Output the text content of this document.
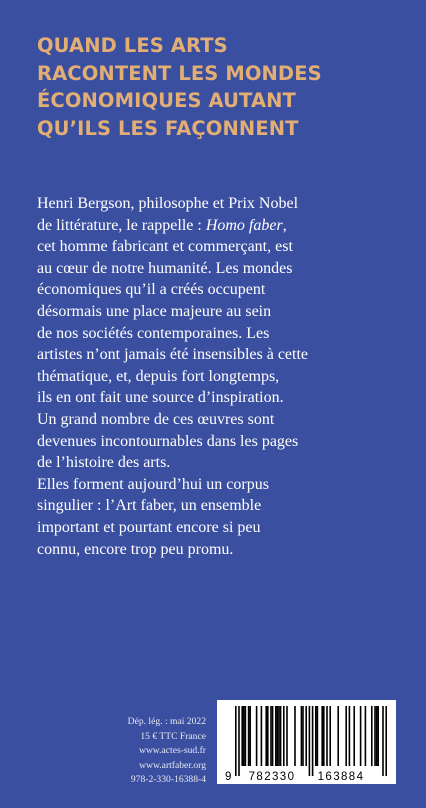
QUAND LES ARTS
RACONTENT LES MONDES
ÉCONOMIQUES AUTANT
QU’ILS LES FAÇONNENT
Henri Bergson, philosophe et Prix Nobel
de littérature, le rappelle : Homo faber,
cet homme fabricant et commerçant, est
au cœur de notre humanité. Les mondes
économiques qu’il a créés occupent
désormais une place majeure au sein
de nos sociétés contemporaines. Les
artistes n’ont jamais été insensibles à cette
thématique, et, depuis fort longtemps,
ils en ont fait une source d’inspiration.
Un grand nombre de ces œuvres sont
devenues incontournables dans les pages
de l’histoire des arts.
Elles forment aujourd’hui un corpus
singulier : l’Art faber, un ensemble
important et pourtant encore si peu
connu, encore trop peu promu.
Dép. lég. : mai 2022
15 € TTC France
www.actes-sud.fr
www.artfaber.org
978-2-330-16388-4 9 782330 163884
